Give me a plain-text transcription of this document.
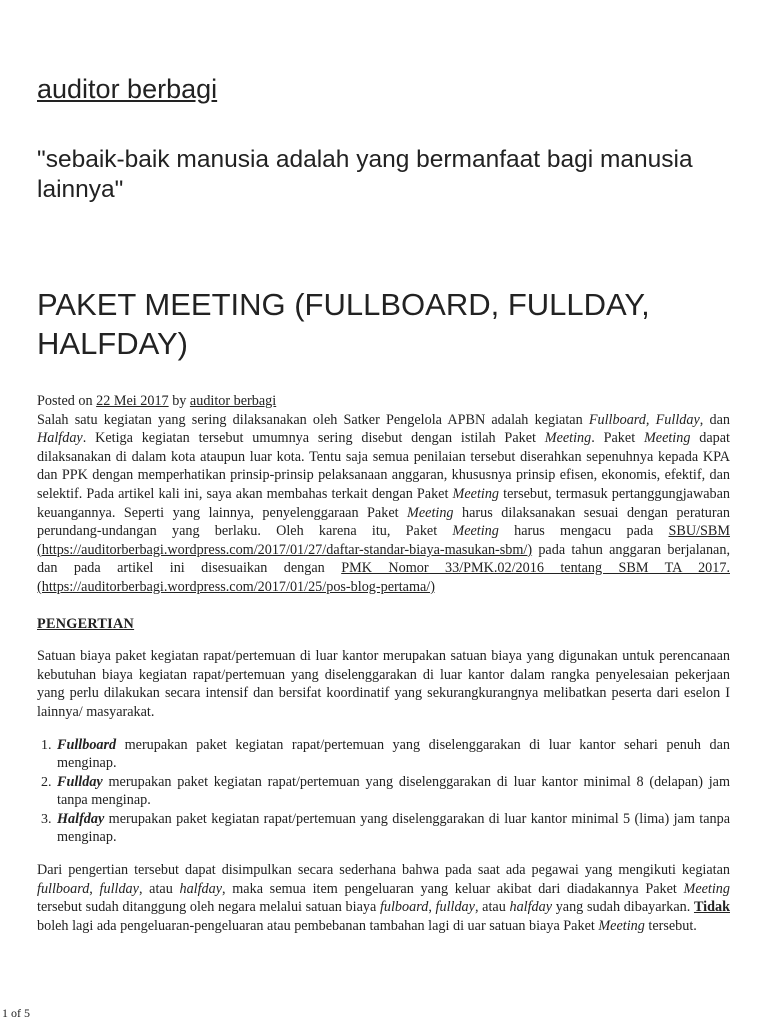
auditor berbagi

"sebaik-baik manusia adalah yang bermanfaat bagi manusia lainnya"

PAKET MEETING (FULLBOARD, FULLDAY, HALFDAY)

Posted on 22 Mei 2017 by auditor berbagi

Salah satu kegiatan yang sering dilaksanakan oleh Satker Pengelola APBN adalah kegiatan Fullboard, Fullday, dan Halfday. Ketiga kegiatan tersebut umumnya sering disebut dengan istilah Paket Meeting. Paket Meeting dapat dilaksanakan di dalam kota ataupun luar kota. Tentu saja semua penilaian tersebut diserahkan sepenuhnya kepada KPA dan PPK dengan memperhatikan prinsip-prinsip pelaksanaan anggaran, khususnya prinsip efisen, ekonomis, efektif, dan selektif. Pada artikel kali ini, saya akan membahas terkait dengan Paket Meeting tersebut, termasuk pertanggungjawaban keuangannya. Seperti yang lainnya, penyelenggaraan Paket Meeting harus dilaksanakan sesuai dengan peraturan perundang-undangan yang berlaku. Oleh karena itu, Paket Meeting harus mengacu pada SBU/SBM (https://auditorberbagi.wordpress.com/2017/01/27/daftar-standar-biaya-masukan-sbm/) pada tahun anggaran berjalanan, dan pada artikel ini disesuaikan dengan PMK Nomor 33/PMK.02/2016 tentang SBM TA 2017. (https://auditorberbagi.wordpress.com/2017/01/25/pos-blog-pertama/)

PENGERTIAN

Satuan biaya paket kegiatan rapat/pertemuan di luar kantor merupakan satuan biaya yang digunakan untuk perencanaan kebutuhan biaya kegiatan rapat/pertemuan yang diselenggarakan di luar kantor dalam rangka penyelesaian pekerjaan yang perlu dilakukan secara intensif dan bersifat koordinatif yang sekurangkurangnya melibatkan peserta dari eselon I lainnya/ masyarakat.

1. Fullboard merupakan paket kegiatan rapat/pertemuan yang diselenggarakan di luar kantor sehari penuh dan menginap.
2. Fullday merupakan paket kegiatan rapat/pertemuan yang diselenggarakan di luar kantor minimal 8 (delapan) jam tanpa menginap.
3. Halfday merupakan paket kegiatan rapat/pertemuan yang diselenggarakan di luar kantor minimal 5 (lima) jam tanpa menginap.

Dari pengertian tersebut dapat disimpulkan secara sederhana bahwa pada saat ada pegawai yang mengikuti kegiatan fullboard, fullday, atau halfday, maka semua item pengeluaran yang keluar akibat dari diadakannya Paket Meeting tersebut sudah ditanggung oleh negara melalui satuan biaya fulboard, fullday, atau halfday yang sudah dibayarkan. Tidak boleh lagi ada pengeluaran-pengeluaran atau pembebanan tambahan lagi di uar satuan biaya Paket Meeting tersebut.

1 of 5
